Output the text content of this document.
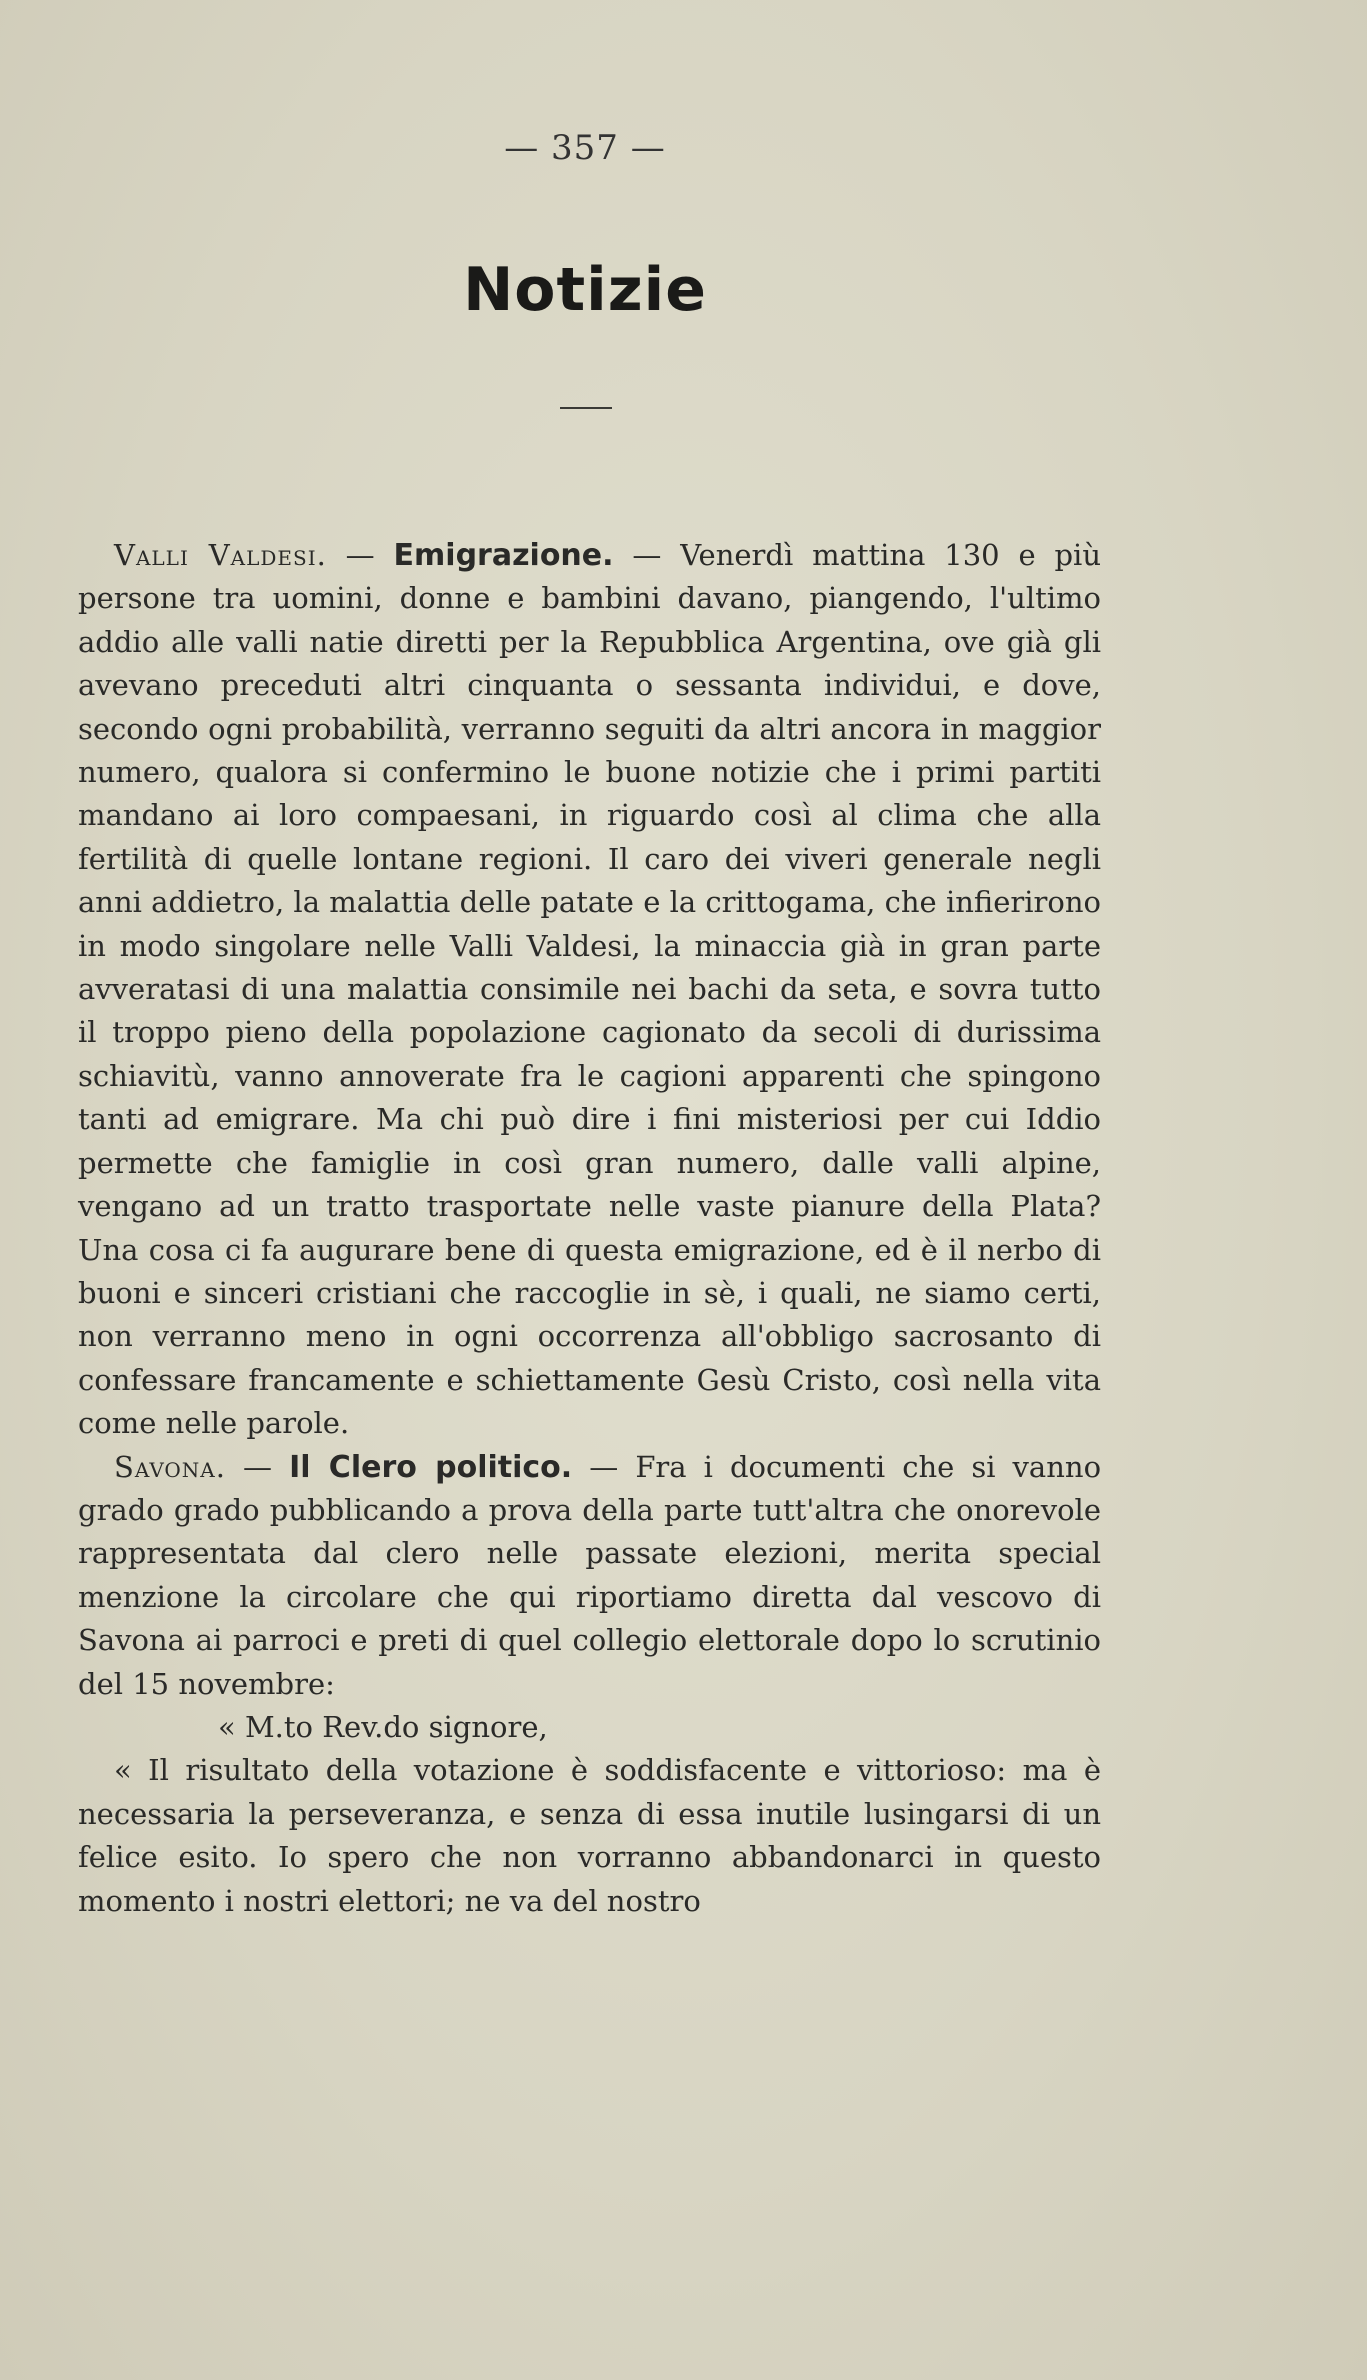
— 357 —
Notizie

Valli Valdesi. — Emigrazione. — Venerdì mattina 130 e più persone tra uomini, donne e bambini davano, piangendo, l'ultimo addio alle valli natie diretti per la Repubblica Argentina, ove già gli avevano preceduti altri cinquanta o sessanta individui, e dove, secondo ogni probabilità, verranno seguiti da altri ancora in maggior numero, qualora si confermino le buone notizie che i primi partiti mandano ai loro compaesani, in riguardo così al clima che alla fertilità di quelle lontane regioni. Il caro dei viveri generale negli anni addietro, la malattia delle patate e la crittogama, che infierirono in modo singolare nelle Valli Valdesi, la minaccia già in gran parte avveratasi di una malattia consimile nei bachi da seta, e sovra tutto il troppo pieno della popolazione cagionato da secoli di durissima schiavitù, vanno annoverate fra le cagioni apparenti che spingono tanti ad emigrare. Ma chi può dire i fini misteriosi per cui Iddio permette che famiglie in così gran numero, dalle valli alpine, vengano ad un tratto trasportate nelle vaste pianure della Plata? Una cosa ci fa augurare bene di questa emigrazione, ed è il nerbo di buoni e sinceri cristiani che raccoglie in sè, i quali, ne siamo certi, non verranno meno in ogni occorrenza all'obbligo sacrosanto di confessare francamente e schiettamente Gesù Cristo, così nella vita come nelle parole.

Savona. — Il Clero politico. — Fra i documenti che si vanno grado grado pubblicando a prova della parte tutt'altra che onorevole rappresentata dal clero nelle passate elezioni, merita special menzione la circolare che qui riportiamo diretta dal vescovo di Savona ai parroci e preti di quel collegio elettorale dopo lo scrutinio del 15 novembre:

« M.to Rev.do signore,

« Il risultato della votazione è soddisfacente e vittorioso: ma è necessaria la perseveranza, e senza di essa inutile lusingarsi di un felice esito. Io spero che non vorranno abbandonarci in questo momento i nostri elettori; ne va del nostro
